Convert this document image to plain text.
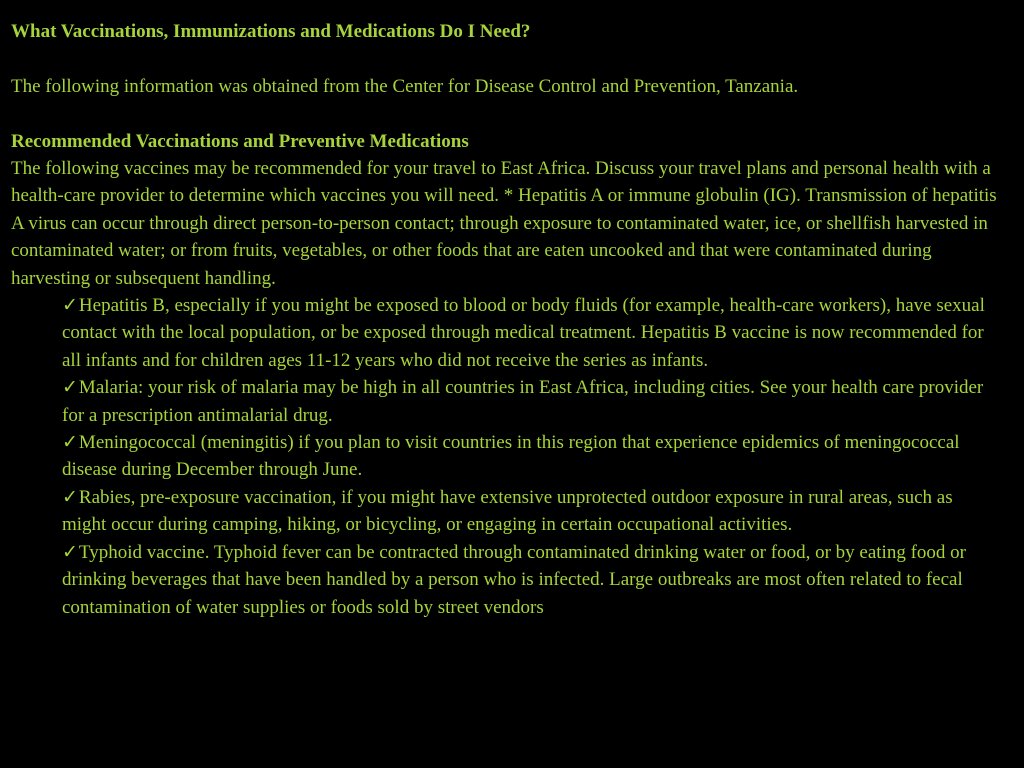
What Vaccinations, Immunizations and Medications Do I Need?

The following information was obtained from the Center for Disease Control and Prevention, Tanzania.

Recommended Vaccinations and Preventive Medications

The following vaccines may be recommended for your travel to East Africa. Discuss your travel plans and personal health with a health-care provider to determine which vaccines you will need. * Hepatitis A or immune globulin (IG). Transmission of hepatitis A virus can occur through direct person-to-person contact; through exposure to contaminated water, ice, or shellfish harvested in contaminated water; or from fruits, vegetables, or other foods that are eaten uncooked and that were contaminated during harvesting or subsequent handling.

✓Hepatitis B, especially if you might be exposed to blood or body fluids (for example, health-care workers), have sexual contact with the local population, or be exposed through medical treatment. Hepatitis B vaccine is now recommended for all infants and for children ages 11-12 years who did not receive the series as infants.
✓Malaria: your risk of malaria may be high in all countries in East Africa, including cities. See your health care provider for a prescription antimalarial drug.
✓Meningococcal (meningitis) if you plan to visit countries in this region that experience epidemics of meningococcal disease during December through June.
✓Rabies, pre-exposure vaccination, if you might have extensive unprotected outdoor exposure in rural areas, such as might occur during camping, hiking, or bicycling, or engaging in certain occupational activities.
✓Typhoid vaccine. Typhoid fever can be contracted through contaminated drinking water or food, or by eating food or drinking beverages that have been handled by a person who is infected. Large outbreaks are most often related to fecal contamination of water supplies or foods sold by street vendors
